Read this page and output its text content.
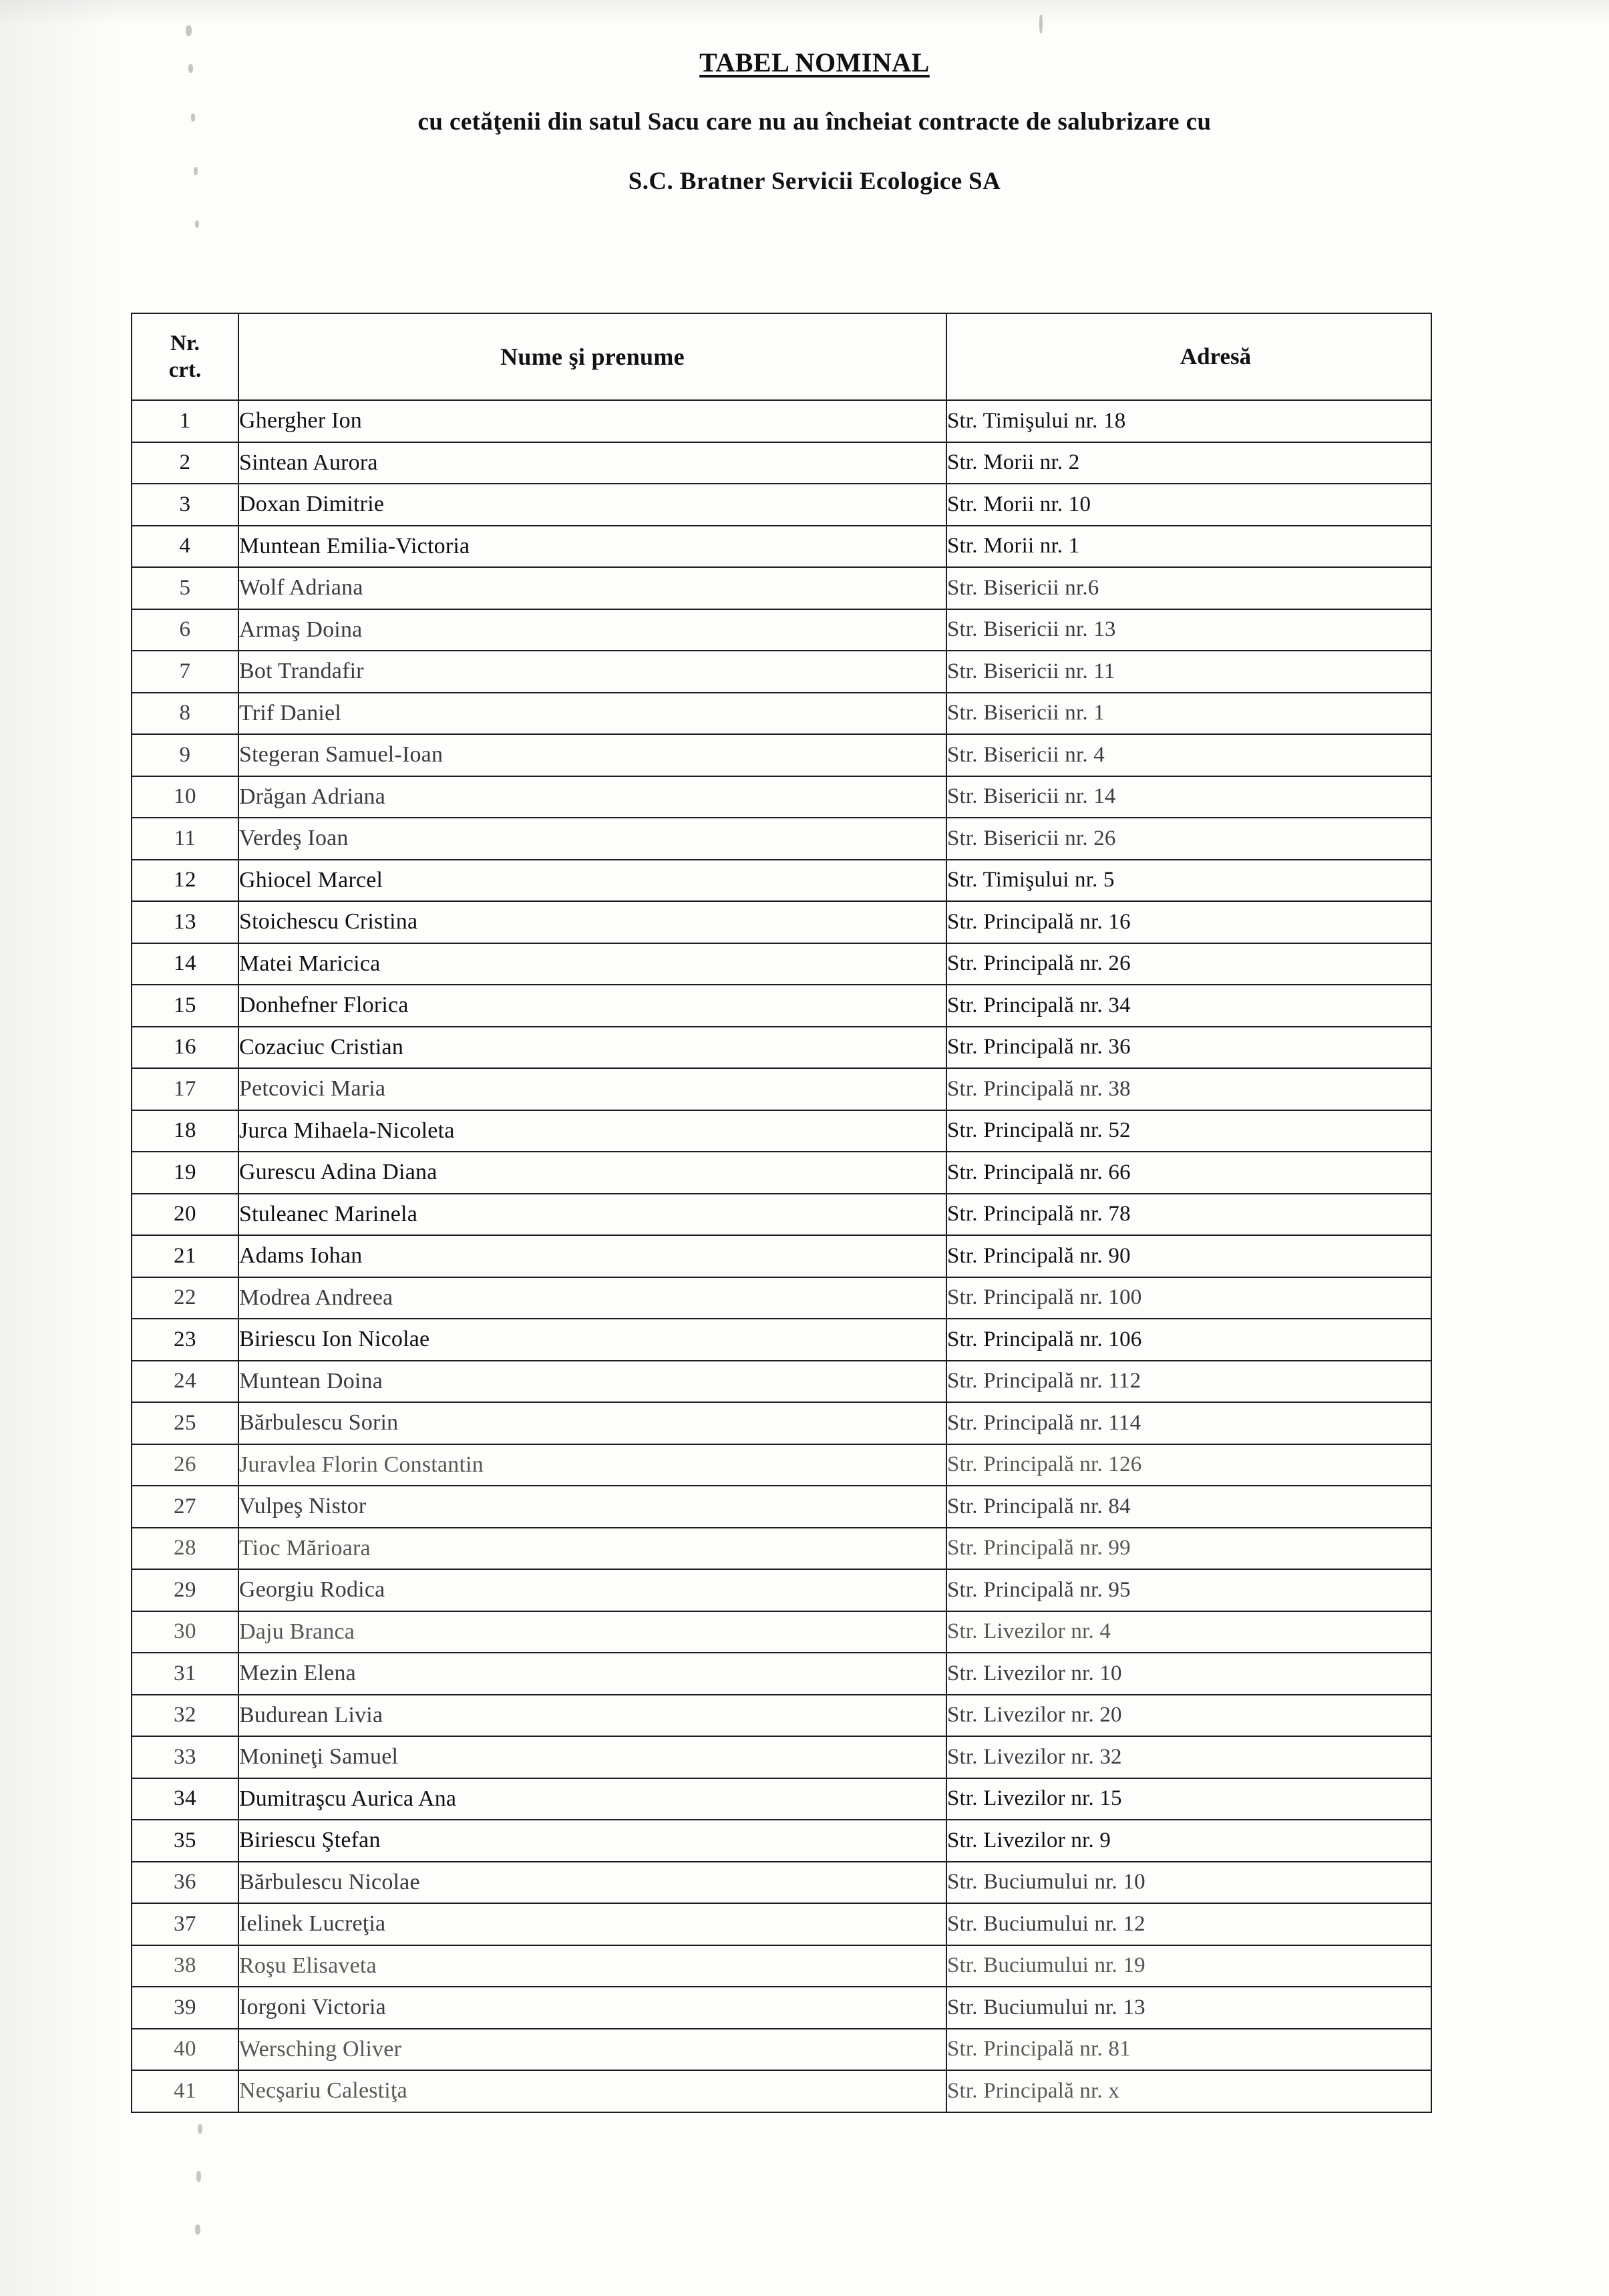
TABEL NOMINAL
cu cetăţenii din satul Sacu care nu au încheiat contracte de salubrizare cu
S.C. Bratner Servicii Ecologice SA
Nr.
crt.	Nume şi prenume	Adresă

1	Ghergher Ion	Str. Timişului nr. 18
2	Sintean Aurora	Str. Morii nr. 2
3	Doxan Dimitrie	Str. Morii nr. 10
4	Muntean Emilia-Victoria	Str. Morii nr. 1
5	Wolf Adriana	Str. Bisericii nr.6
6	Armaş Doina	Str. Bisericii nr. 13
7	Bot Trandafir	Str. Bisericii nr. 11
8	Trif Daniel	Str. Bisericii nr. 1
9	Stegeran Samuel-Ioan	Str. Bisericii nr. 4
10	Drăgan Adriana	Str. Bisericii nr. 14
11	Verdeş Ioan	Str. Bisericii nr. 26
12	Ghiocel Marcel	Str. Timişului nr. 5
13	Stoichescu Cristina	Str. Principală nr. 16
14	Matei Maricica	Str. Principală nr. 26
15	Donhefner Florica	Str. Principală nr. 34
16	Cozaciuc Cristian	Str. Principală nr. 36
17	Petcovici Maria	Str. Principală nr. 38
18	Jurca Mihaela-Nicoleta	Str. Principală nr. 52
19	Gurescu Adina Diana	Str. Principală nr. 66
20	Stuleanec Marinela	Str. Principală nr. 78
21	Adams Iohan	Str. Principală nr. 90
22	Modrea Andreea	Str. Principală nr. 100
23	Biriescu Ion Nicolae	Str. Principală nr. 106
24	Muntean Doina	Str. Principală nr. 112
25	Bărbulescu Sorin	Str. Principală nr. 114
26	Juravlea Florin Constantin	Str. Principală nr. 126
27	Vulpeş Nistor	Str. Principală nr. 84
28	Tioc Mărioara	Str. Principală nr. 99
29	Georgiu Rodica	Str. Principală nr. 95
30	Daju Branca	Str. Livezilor nr. 4
31	Mezin Elena	Str. Livezilor nr. 10
32	Budurean Livia	Str. Livezilor nr. 20
33	Monineţi Samuel	Str. Livezilor nr. 32
34	Dumitraşcu Aurica Ana	Str. Livezilor nr. 15
35	Biriescu Ştefan	Str. Livezilor nr. 9
36	Bărbulescu Nicolae	Str. Buciumului nr. 10
37	Ielinek Lucreţia	Str. Buciumului nr. 12
38	Roşu Elisaveta	Str. Buciumului nr. 19
39	Iorgoni Victoria	Str. Buciumului nr. 13
40	Wersching Oliver	Str. Principală nr. 81
41	Necşariu Calestiţa	Str. Principală nr. x
